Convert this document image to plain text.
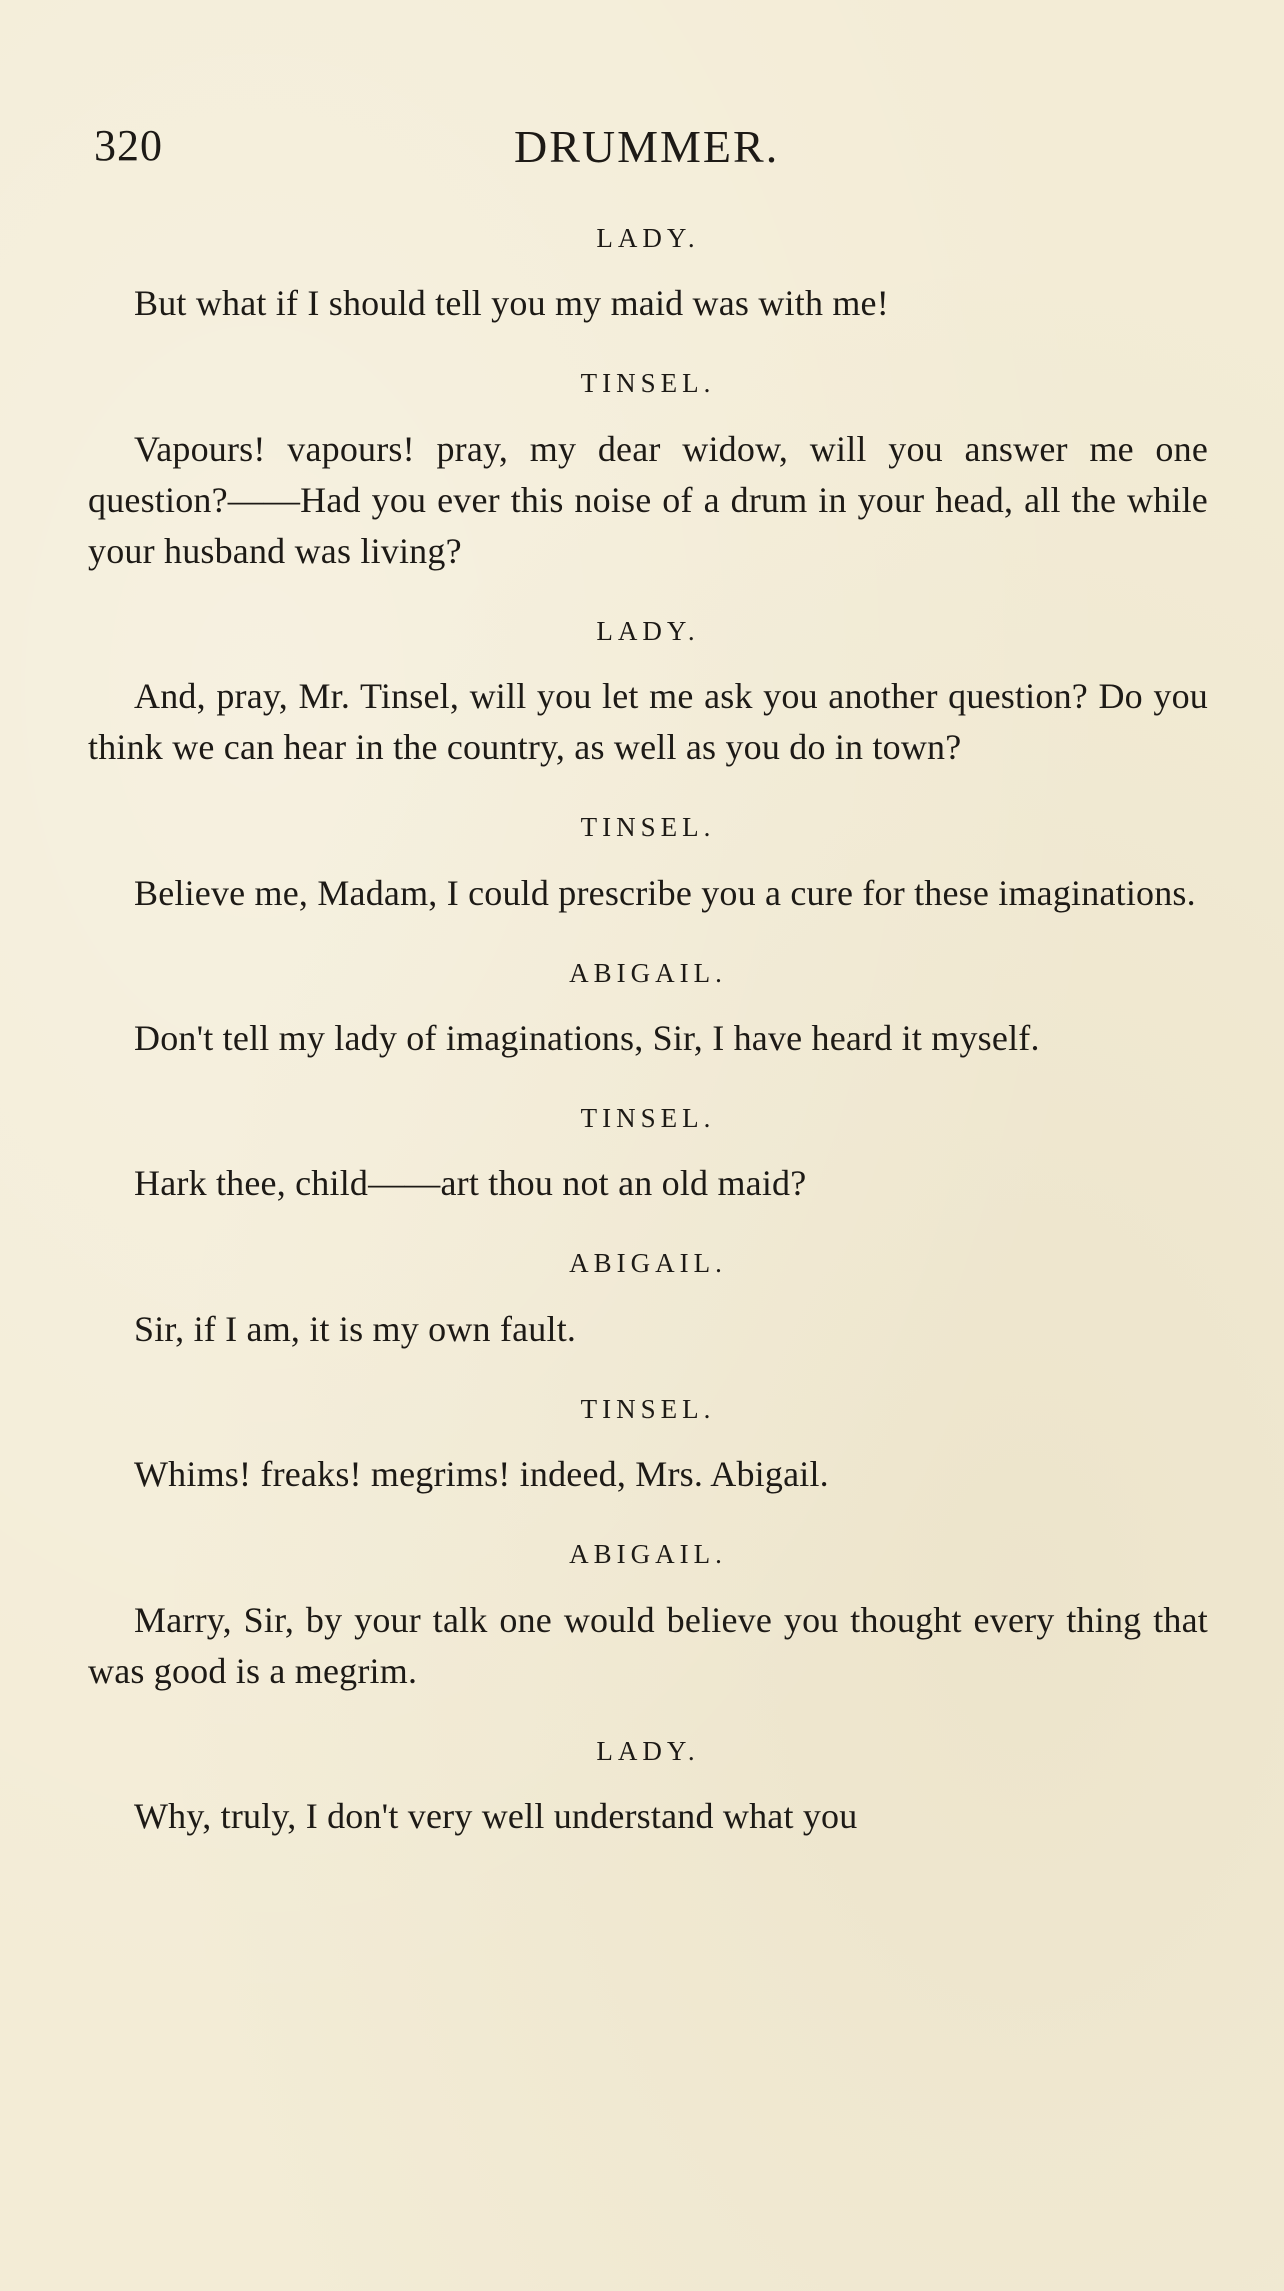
320	DRUMMER.

LADY.

But what if I should tell you my maid was with me!

TINSEL.

Vapours! vapours! pray, my dear widow, will you answer me one question?——Had you ever this noise of a drum in your head, all the while your husband was living?

LADY.

And, pray, Mr. Tinsel, will you let me ask you another question? Do you think we can hear in the country, as well as you do in town?

TINSEL.

Believe me, Madam, I could prescribe you a cure for these imaginations.

ABIGAIL.

Don't tell my lady of imaginations, Sir, I have heard it myself.

TINSEL.

Hark thee, child——art thou not an old maid?

ABIGAIL.

Sir, if I am, it is my own fault.

TINSEL.

Whims! freaks! megrims! indeed, Mrs. Abigail.

ABIGAIL.

Marry, Sir, by your talk one would believe you thought every thing that was good is a megrim.

LADY.

Why, truly, I don't very well understand what you
